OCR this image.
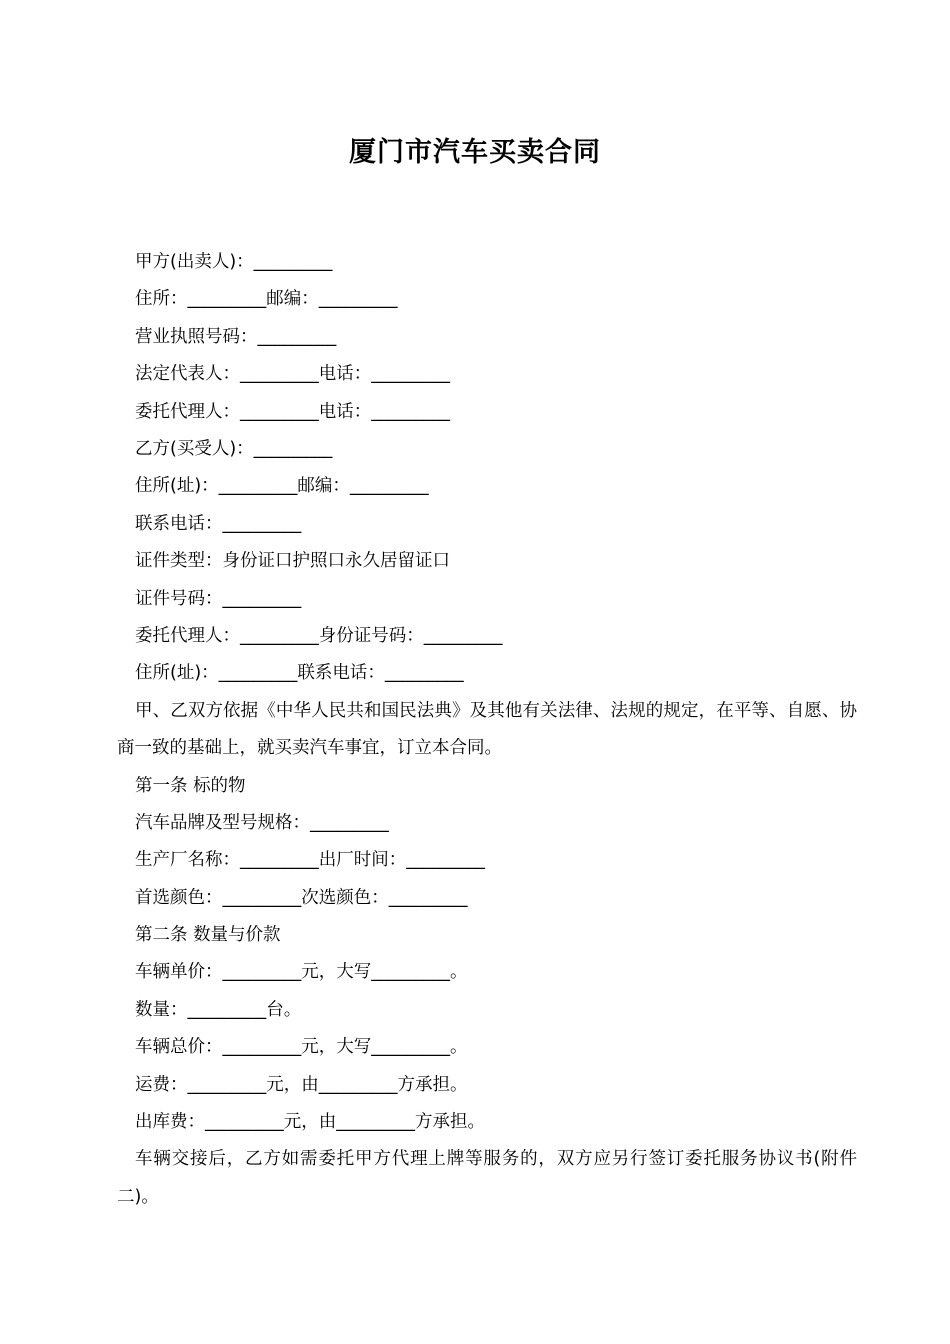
厦门市汽车买卖合同
甲方(出卖人)：_________
住所：_________邮编：_________
营业执照号码：_________
法定代表人：_________电话：_________
委托代理人：_________电话：_________
乙方(买受人)：_________
住所(址)：_________邮编：_________
联系电话：_________
证件类型：身份证口护照口永久居留证口
证件号码：_________
委托代理人：_________身份证号码：_________
住所(址)：_________联系电话：_________
甲、乙双方依据《中华人民共和国民法典》及其他有关法律、法规的规定，在平等、自愿、协商一致的基础上，就买卖汽车事宜，订立本合同。
第一条 标的物
汽车品牌及型号规格：_________
生产厂名称：_________出厂时间：_________
首选颜色：_________次选颜色：_________
第二条 数量与价款
车辆单价：_________元，大写_________。
数量：_________台。
车辆总价：_________元，大写_________。
运费：_________元，由_________方承担。
出库费：_________元，由_________方承担。
车辆交接后，乙方如需委托甲方代理上牌等服务的，双方应另行签订委托服务协议书(附件二)。
